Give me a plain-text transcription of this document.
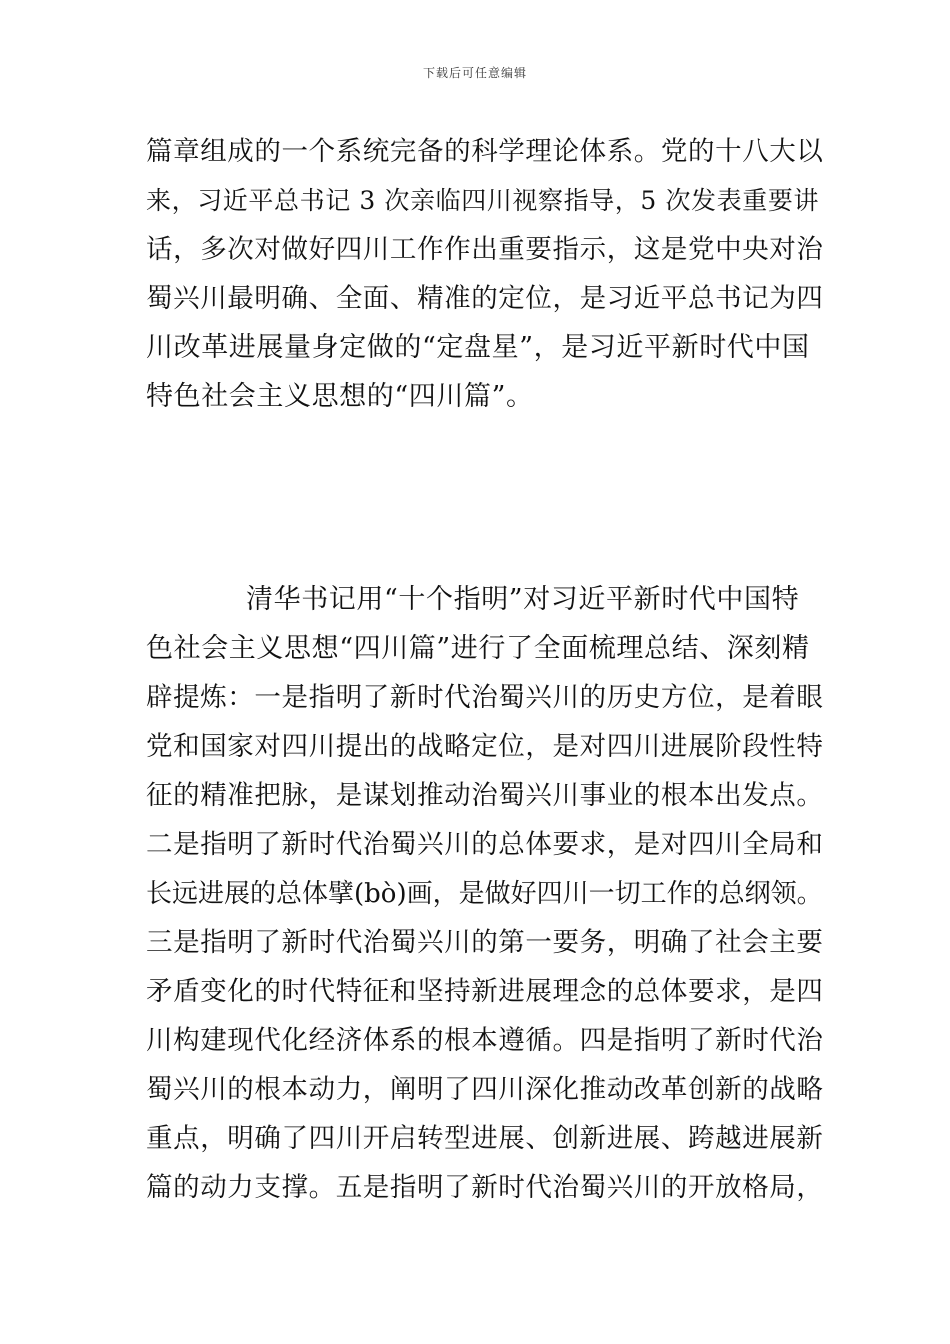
下载后可任意编辑
篇章组成的一个系统完备的科学理论体系。党的十八大以
来，习近平总书记 3 次亲临四川视察指导，5 次发表重要讲
话，多次对做好四川工作作出重要指示，这是党中央对治
蜀兴川最明确、全面、精准的定位，是习近平总书记为四
川改革进展量身定做的“定盘星”，是习近平新时代中国
特色社会主义思想的“四川篇”。
清华书记用“十个指明”对习近平新时代中国特
色社会主义思想“四川篇”进行了全面梳理总结、深刻精
辟提炼：一是指明了新时代治蜀兴川的历史方位，是着眼
党和国家对四川提出的战略定位，是对四川进展阶段性特
征的精准把脉，是谋划推动治蜀兴川事业的根本出发点。
二是指明了新时代治蜀兴川的总体要求，是对四川全局和
长远进展的总体擘(bò)画，是做好四川一切工作的总纲领。
三是指明了新时代治蜀兴川的第一要务，明确了社会主要
矛盾变化的时代特征和坚持新进展理念的总体要求，是四
川构建现代化经济体系的根本遵循。四是指明了新时代治
蜀兴川的根本动力，阐明了四川深化推动改革创新的战略
重点，明确了四川开启转型进展、创新进展、跨越进展新
篇的动力支撑。五是指明了新时代治蜀兴川的开放格局，
